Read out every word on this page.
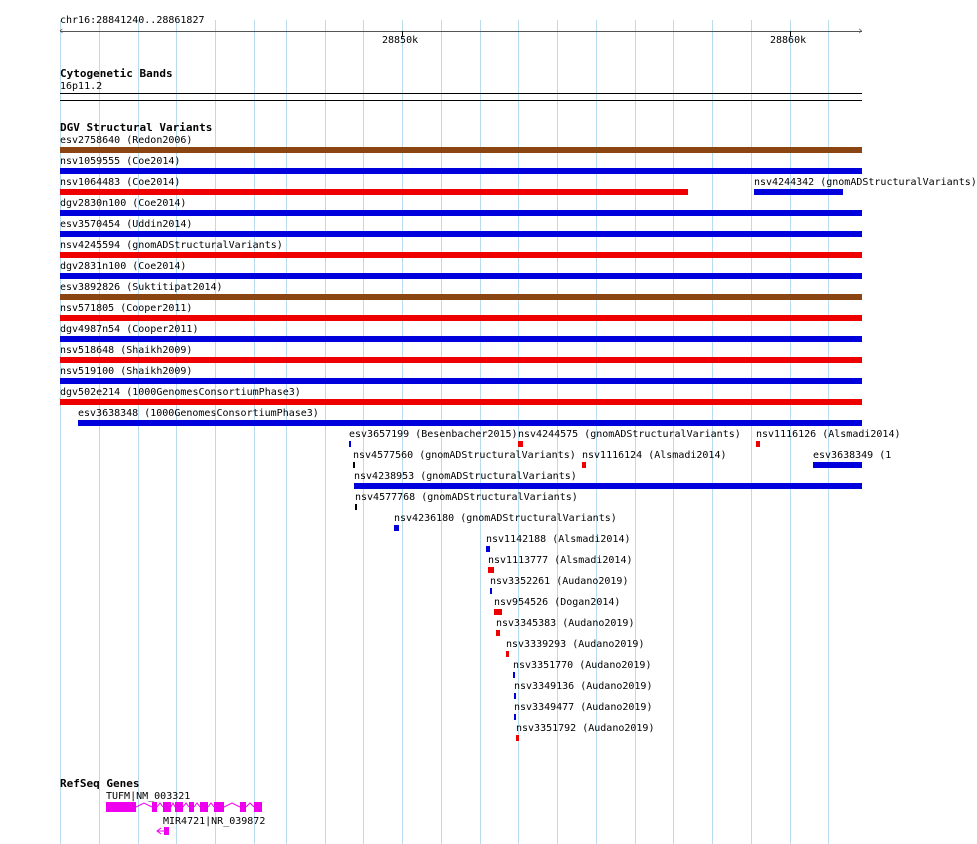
chr16:28841240..28861827
‹	›
28850k	28860k
Cytogenetic Bands
16p11.2
DGV Structural Variants
esv2758640 (Redon2006)
nsv1059555 (Coe2014)
nsv1064483 (Coe2014)	nsv4244342 (gnomADStructuralVariants)
dgv2830n100 (Coe2014)
esv3570454 (Uddin2014)
nsv4245594 (gnomADStructuralVariants)
dgv2831n100 (Coe2014)
esv3892826 (Suktitipat2014)
nsv571805 (Cooper2011)
dgv4987n54 (Cooper2011)
nsv518648 (Shaikh2009)
nsv519100 (Shaikh2009)
dgv502e214 (1000GenomesConsortiumPhase3)
esv3638348 (1000GenomesConsortiumPhase3)
esv3657199 (Besenbacher2015) nsv4244575 (gnomADStructuralVariants) nsv1116126 (Alsmadi2014)
nsv4577560 (gnomADStructuralVariants) nsv1116124 (Alsmadi2014)	esv3638349 (1
nsv4238953 (gnomADStructuralVariants)
nsv4577768 (gnomADStructuralVariants)
nsv4236180 (gnomADStructuralVariants)
nsv1142188 (Alsmadi2014)
nsv1113777 (Alsmadi2014)
nsv3352261 (Audano2019)
nsv954526 (Dogan2014)
nsv3345383 (Audano2019)
nsv3339293 (Audano2019)
nsv3351770 (Audano2019)
nsv3349136 (Audano2019)
nsv3349477 (Audano2019)
nsv3351792 (Audano2019)
RefSeq Genes
TUFM|NM_003321
MIR4721|NR_039872
